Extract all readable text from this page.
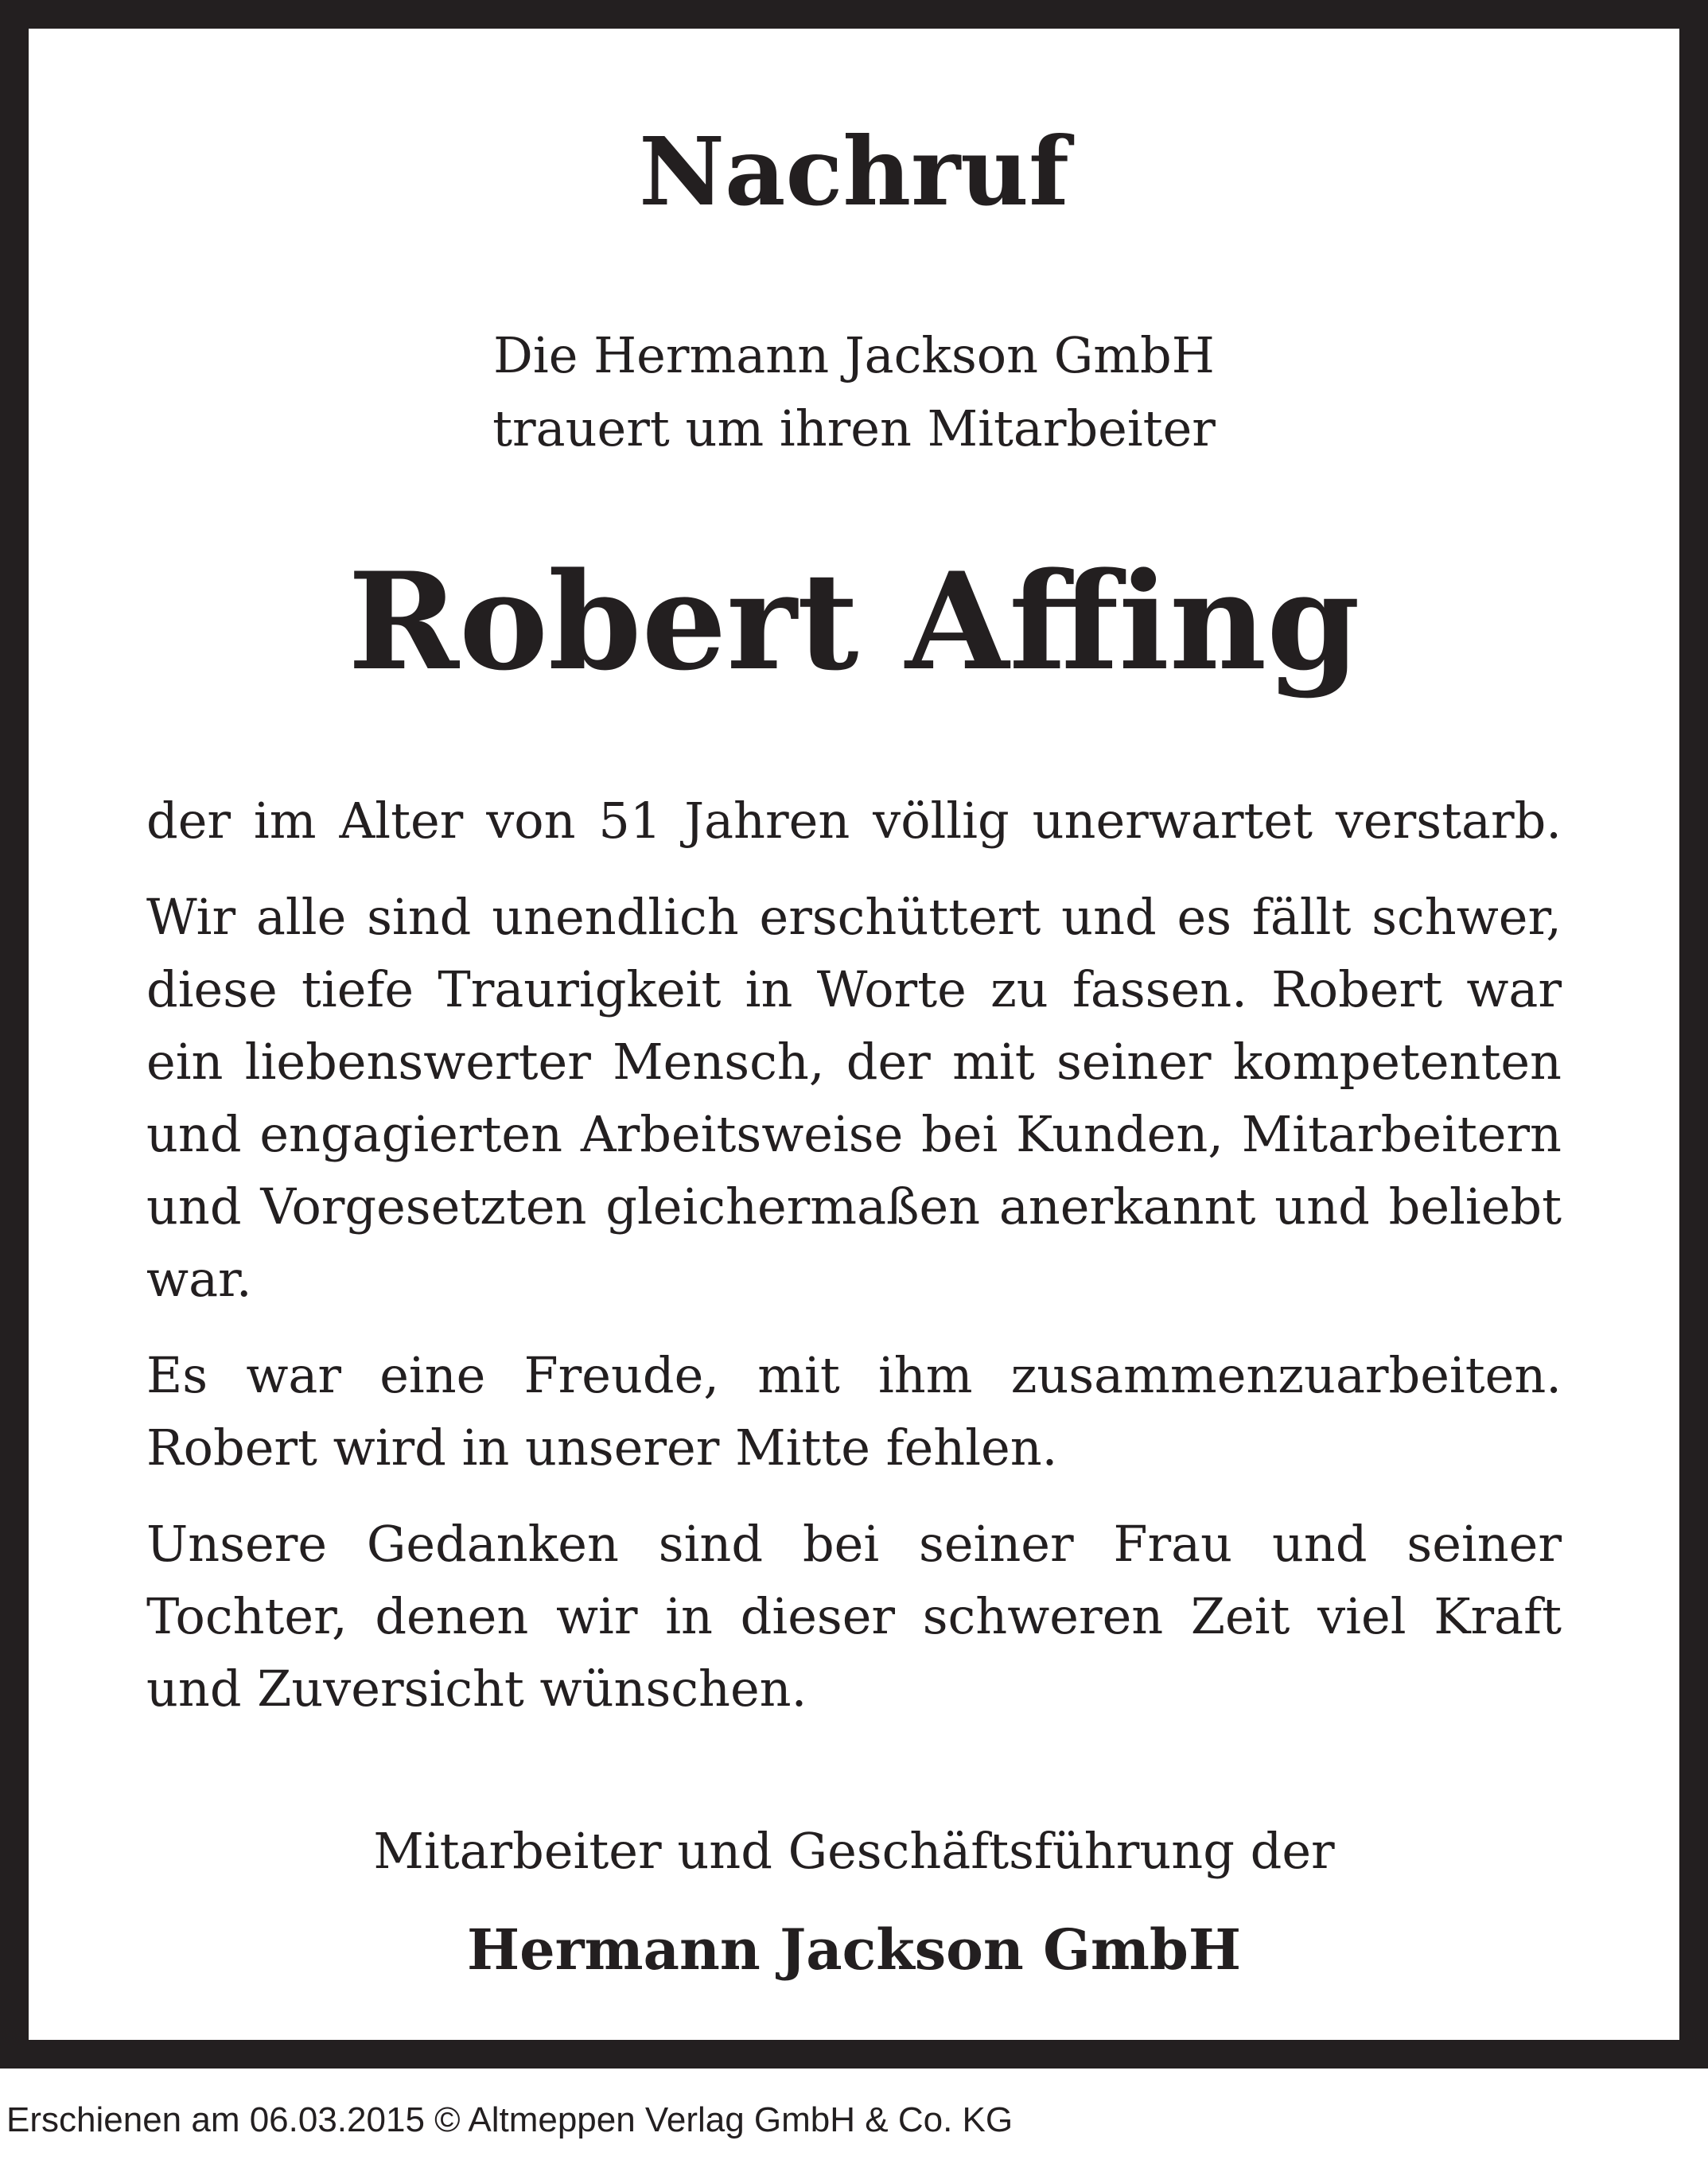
Nachruf
Die Hermann Jackson GmbH
trauert um ihren Mitarbeiter
Robert Affing

der im Alter von 51 Jahren völlig unerwartet verstarb.

Wir alle sind unendlich erschüttert und es fällt schwer, diese tiefe Traurigkeit in Worte zu fassen. Robert war ein liebenswerter Mensch, der mit seiner kompetenten und engagierten Arbeitsweise bei Kunden, Mitarbeitern und Vorgesetzten gleichermaßen anerkannt und beliebt war.

Es war eine Freude, mit ihm zusammenzuarbeiten. Robert wird in unserer Mitte fehlen.

Unsere Gedanken sind bei seiner Frau und seiner Tochter, denen wir in dieser schweren Zeit viel Kraft und Zuversicht wünschen.

Mitarbeiter und Geschäftsführung der
Hermann Jackson GmbH
Erschienen am 06.03.2015 © Altmeppen Verlag GmbH & Co. KG
